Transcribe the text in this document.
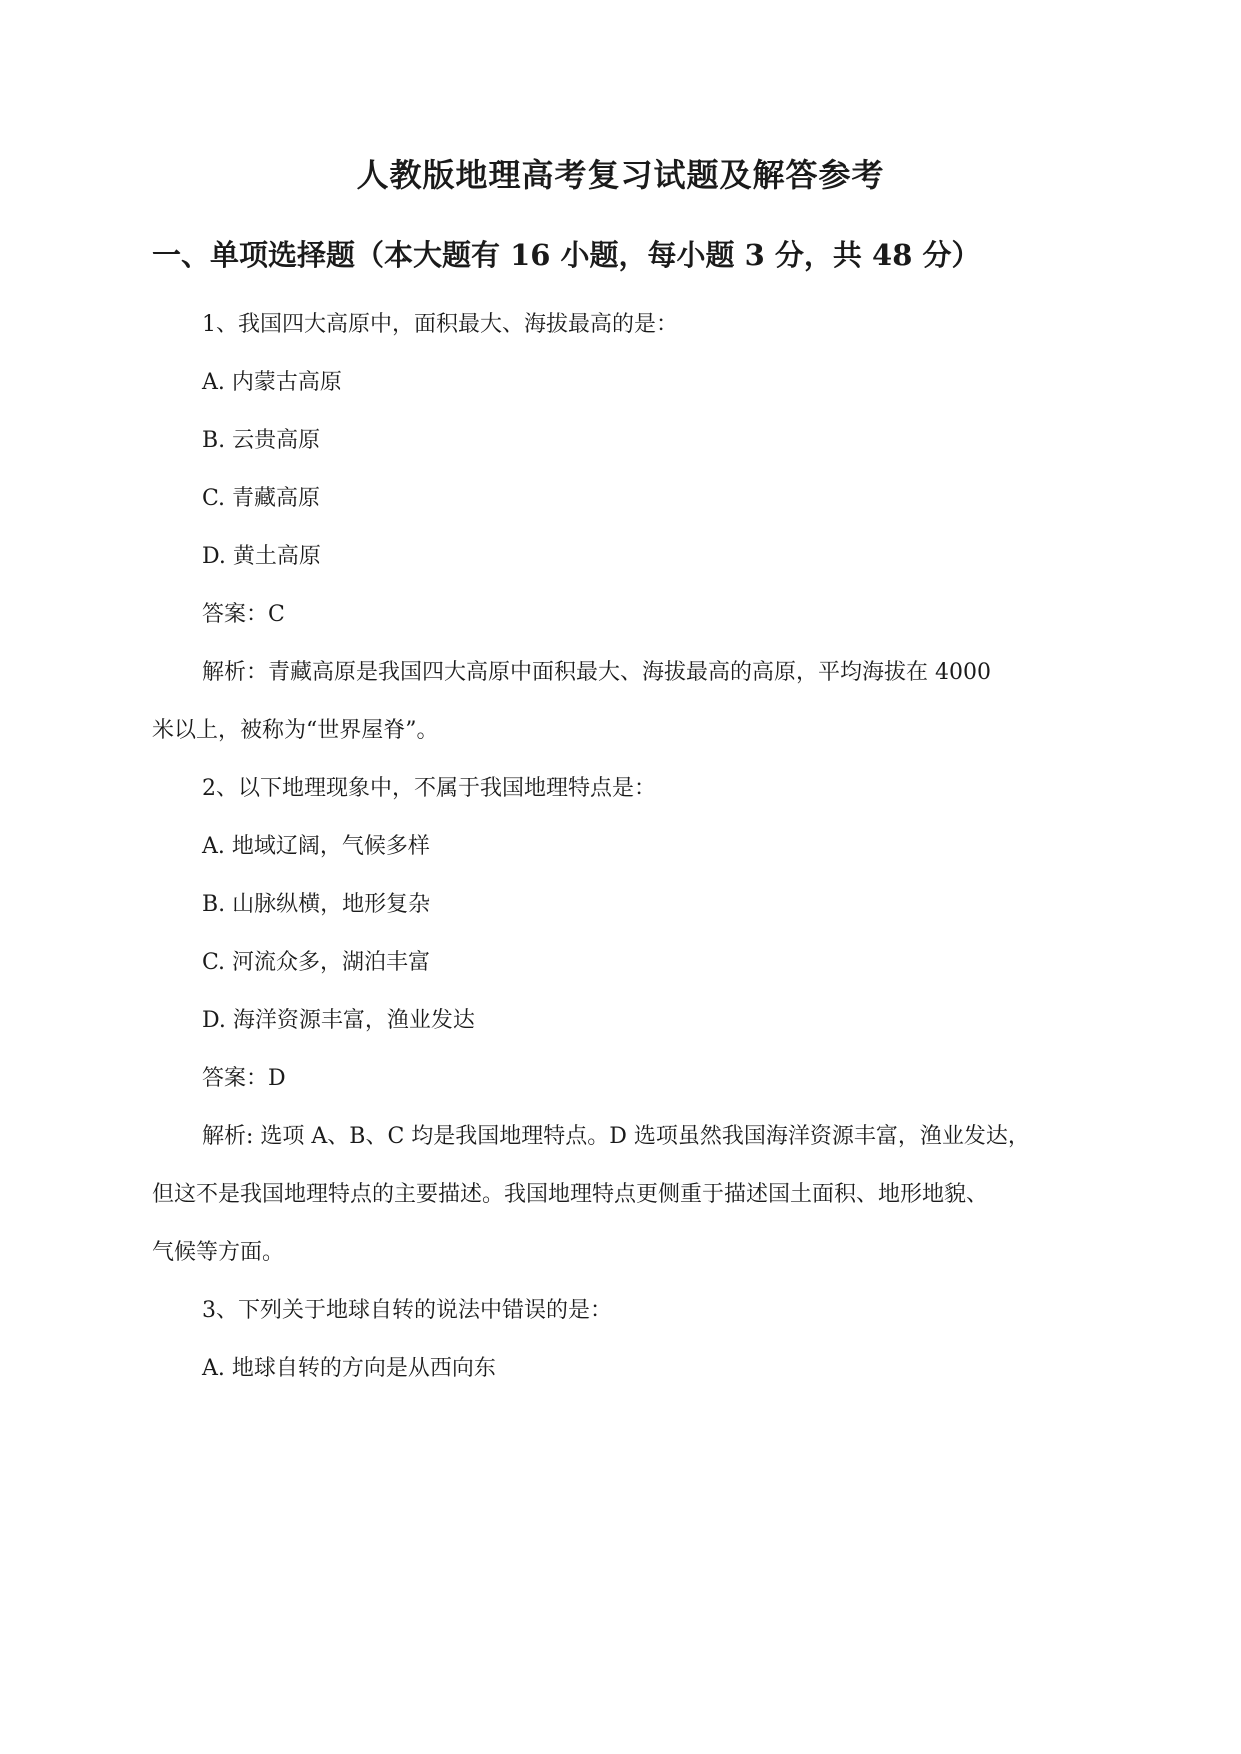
人教版地理高考复习试题及解答参考
一、单项选择题（本大题有 16 小题，每小题 3 分，共 48 分）
1、我国四大高原中，面积最大、海拔最高的是：
A. 内蒙古高原
B. 云贵高原
C. 青藏高原
D. 黄土高原
答案：C
解析：青藏高原是我国四大高原中面积最大、海拔最高的高原，平均海拔在 4000
米以上，被称为“世界屋脊”。
2、以下地理现象中，不属于我国地理特点是：
A. 地域辽阔，气候多样
B. 山脉纵横，地形复杂
C. 河流众多，湖泊丰富
D. 海洋资源丰富，渔业发达
答案：D
解析: 选项 A、B、C 均是我国地理特点。D 选项虽然我国海洋资源丰富，渔业发达，
但这不是我国地理特点的主要描述。我国地理特点更侧重于描述国土面积、地形地貌、
气候等方面。
3、下列关于地球自转的说法中错误的是：
A. 地球自转的方向是从西向东
